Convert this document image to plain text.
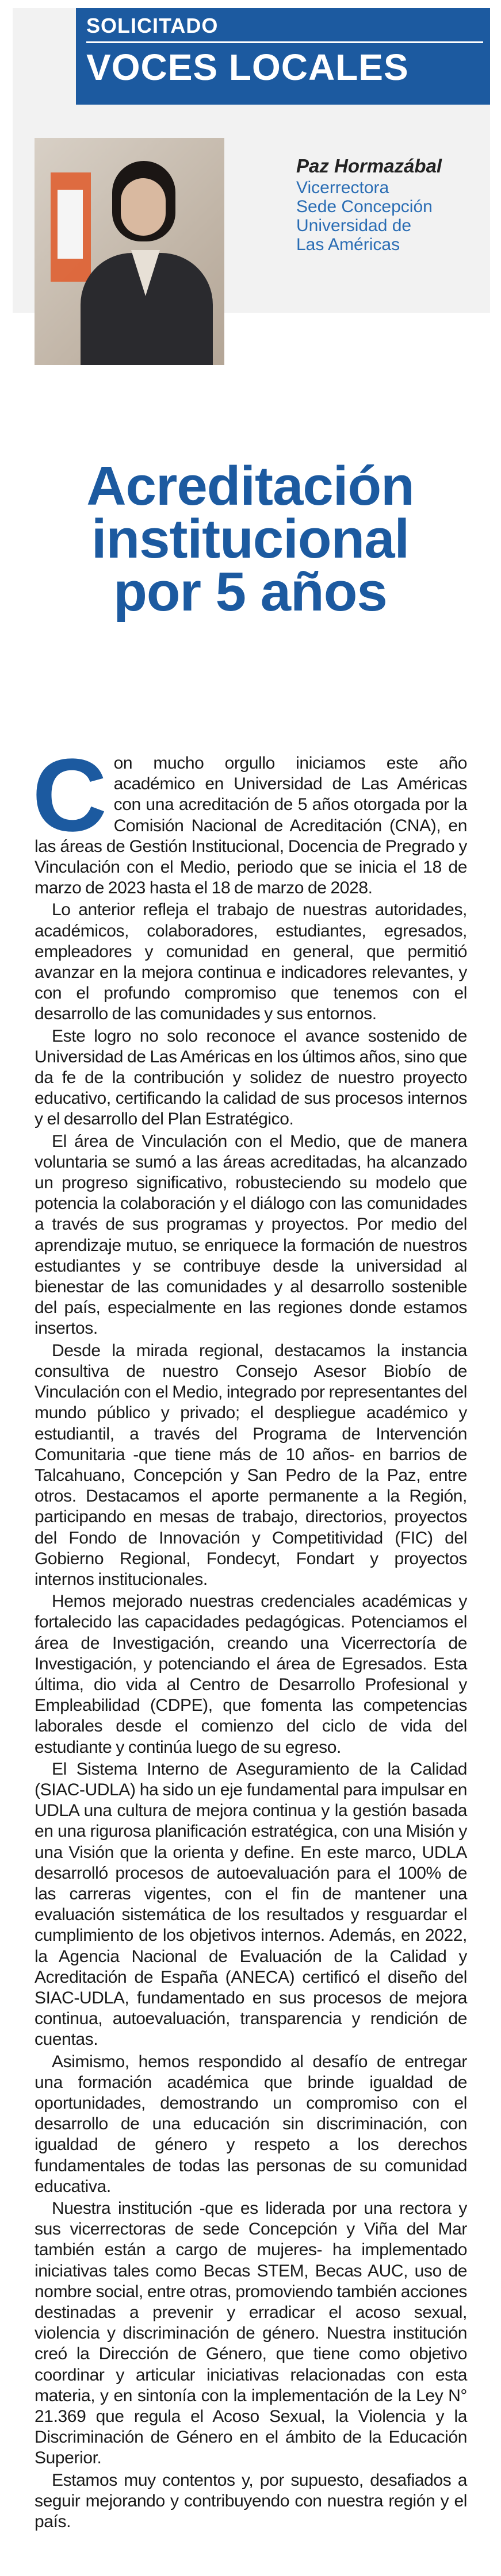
SOLICITADO
VOCES LOCALES
Paz Hormazábal
Vicerrectora
Sede Concepción
Universidad de
Las Américas
Acreditación
institucional
por 5 años

Con mucho orgullo iniciamos este año académico en Universidad de Las Américas con una acreditación de 5 años otorgada por la Comisión Nacional de Acreditación (CNA), en las áreas de Gestión Institucional, Docencia de Pregrado y Vinculación con el Medio, periodo que se inicia el 18 de marzo de 2023 hasta el 18 de marzo de 2028.

Lo anterior refleja el trabajo de nuestras autoridades, académicos, colaboradores, estudiantes, egresados, empleadores y comunidad en general, que permitió avanzar en la mejora continua e indicadores relevantes, y con el profundo compromiso que tenemos con el desarrollo de las comunidades y sus entornos.

Este logro no solo reconoce el avance sostenido de Universidad de Las Américas en los últimos años, sino que da fe de la contribución y solidez de nuestro proyecto educativo, certificando la calidad de sus procesos internos y el desarrollo del Plan Estratégico.

El área de Vinculación con el Medio, que de manera voluntaria se sumó a las áreas acreditadas, ha alcanzado un progreso significativo, robusteciendo su modelo que potencia la colaboración y el diálogo con las comunidades a través de sus programas y proyectos. Por medio del aprendizaje mutuo, se enriquece la formación de nuestros estudiantes y se contribuye desde la universidad al bienestar de las comunidades y al desarrollo sostenible del país, especialmente en las regiones donde estamos insertos.

Desde la mirada regional, destacamos la instancia consultiva de nuestro Consejo Asesor Biobío de Vinculación con el Medio, integrado por representantes del mundo público y privado; el despliegue académico y estudiantil, a través del Programa de Intervención Comunitaria -que tiene más de 10 años- en barrios de Talcahuano, Concepción y San Pedro de la Paz, entre otros. Destacamos el aporte permanente a la Región, participando en mesas de trabajo, directorios, proyectos del Fondo de Innovación y Competitividad (FIC) del Gobierno Regional, Fondecyt, Fondart y proyectos internos institucionales.

Hemos mejorado nuestras credenciales académicas y fortalecido las capacidades pedagógicas. Potenciamos el área de Investigación, creando una Vicerrectoría de Investigación, y potenciando el área de Egresados. Esta última, dio vida al Centro de Desarrollo Profesional y Empleabilidad (CDPE), que fomenta las competencias laborales desde el comienzo del ciclo de vida del estudiante y continúa luego de su egreso.

El Sistema Interno de Aseguramiento de la Calidad (SIAC-UDLA) ha sido un eje fundamental para impulsar en UDLA una cultura de mejora continua y la gestión basada en una rigurosa planificación estratégica, con una Misión y una Visión que la orienta y define. En este marco, UDLA desarrolló procesos de autoevaluación para el 100% de las carreras vigentes, con el fin de mantener una evaluación sistemática de los resultados y resguardar el cumplimiento de los objetivos internos. Además, en 2022, la Agencia Nacional de Evaluación de la Calidad y Acreditación de España (ANECA) certificó el diseño del SIAC-UDLA, fundamentado en sus procesos de mejora continua, autoevaluación, transparencia y rendición de cuentas.

Asimismo, hemos respondido al desafío de entregar una formación académica que brinde igualdad de oportunidades, demostrando un compromiso con el desarrollo de una educación sin discriminación, con igualdad de género y respeto a los derechos fundamentales de todas las personas de su comunidad educativa.

Nuestra institución -que es liderada por una rectora y sus vicerrectoras de sede Concepción y Viña del Mar también están a cargo de mujeres- ha implementado iniciativas tales como Becas STEM, Becas AUC, uso de nombre social, entre otras, promoviendo también acciones destinadas a prevenir y erradicar el acoso sexual, violencia y discriminación de género. Nuestra institución creó la Dirección de Género, que tiene como objetivo coordinar y articular iniciativas relacionadas con esta materia, y en sintonía con la implementación de la Ley N° 21.369 que regula el Acoso Sexual, la Violencia y la Discriminación de Género en el ámbito de la Educación Superior.

Estamos muy contentos y, por supuesto, desafiados a seguir mejorando y contribuyendo con nuestra región y el país.
